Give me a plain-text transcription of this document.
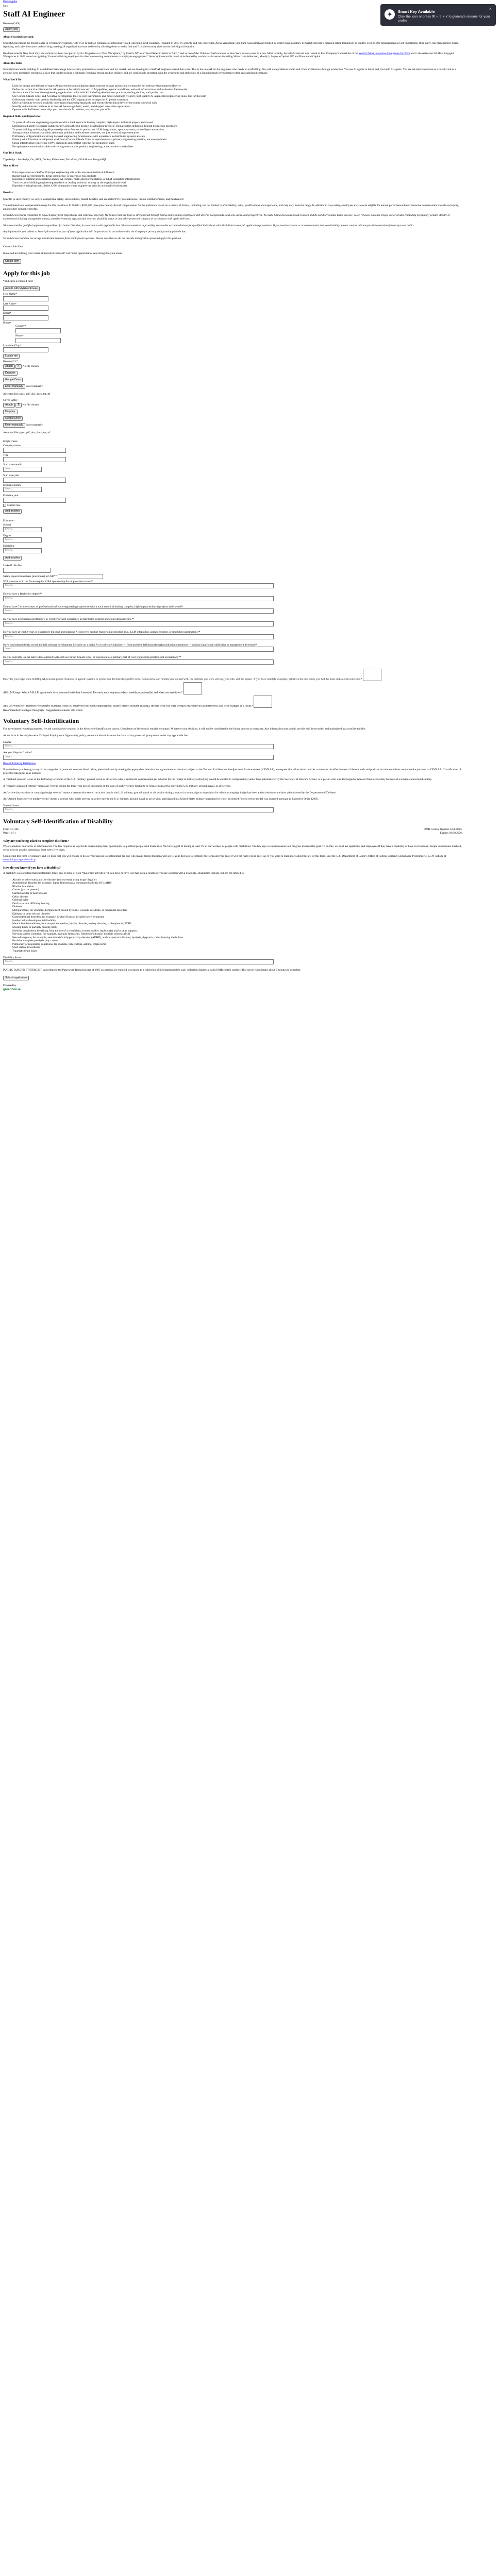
Back to jobs
New
Staff AI Engineer
Remote (CAN)
Apply Now

About SecurityScorecard:

SecurityScorecard is the global leader in cybersecurity ratings, with over 12 million companies continuously rated, operating in 64 countries. Founded in 2013 by security and risk experts Dr. Aleks Yampolskiy and Sam Kassoumeh and funded by world-class investors, SecurityScorecard’s patented rating technology is used by over 25,000 organizations for self-monitoring, third-party risk management, board reporting, and cyber insurance underwriting; making all organizations more resilient by allowing them to easily find and fix cybersecurity risks across their digital footprint.

Headquartered in New York City, our culture has been recognized by Inc Magazine as a “Best Workplace,” by Crain’s NY as a “Best Places to Work in NYC,” and as one of the 10 hottest SaaS startups in New York for two years in a row. Most recently, SecurityScorecard was named to Fast Company’s annual list of the World’s Most Innovative Companies for 2023 and to the Achievers 50 Most Engaged Workplaces in 2023 award recognizing “forward-thinking employers for their unwavering commitment to employee engagement.” SecurityScorecard is proud to be funded by world-class investors including Silver Lake Waterman, Moody’s, Sequoia Capital, GV and Riverwood Capital.

About the Role:

SecurityScorecard is building AI capabilities that change how security professionals understand and act on risk. We are looking for a Staff AI Engineer to lead that work. This is the core AI for the engineers who needs no scaffolding. You will own problems end to end, from architecture through production. You use AI agents to build, and you build AI agents. You see AI-native tools not as a novelty but as a genuine force multiplier, moving at a pace that used to require a full team. You have strong product instincts and are comfortable operating with the ownership and ambiguity of a founding team environment within an established company.

What You'll Do

• Lead the design and delivery of major AI-powered product initiatives from concept through production, owning the full software development lifecycle
• Define the technical architecture for AI systems at SecurityScorecard: LLM pipelines, agentic workflows, retrieval infrastructure, and evaluation frameworks
• Set the standard for how the engineering organization builds with AI, including development practices, tooling choices, and quality bars
• Use Cursor, Claude Code, and AI-native development tools as core instruments, and model what high-velocity, high-quality AI-augmented engineering looks like for the team
• Collaborate directly with product leadership and the CTO organization to shape the AI product roadmap
• Drive architecture reviews, establish cross-team engineering standards, and elevate the technical level of the teams you work with
• Identify and eliminate bottlenecks in how AI features get built, tested, and shipped across the organization
• Operate with Staff-level ownership: you own the whole problem, not just your part of it

Required Skills and Experience

• 7+ years of software engineering experience with a track record of leading complex, high-impact technical projects end-to-end
• Demonstrated ability to operate independently across the full product development lifecycle, from problem definition through production operations
• 7+ years building and shipping AI-powered product features in production: LLM integrations, agentic systems, or intelligent automation
• Strong product instincts: you think about user problems and business outcomes, not just technical implementation
• Proficiency in TypeScript and strong backend engineering fundamentals with experience in distributed systems at scale
• Fluency with AI-native development workflows (Cursor, Claude Code, or equivalent) as a primary engineering practice, not an experiment
• Cloud infrastructure experience (AWS preferred) and comfort with the full production stack
• Exceptional communication: able to drive alignment across product, engineering, and executive stakeholders

Our Tech Stack

TypeScript · JavaScript, Go, AWS, Docker, Kubernetes, Terraform, ClickHouse, PostgreSQL

Nice to Have

• Prior experience as a Staff or Principal engineering role with cross-team technical influence
• Background in cybersecurity, threat intelligence, or enterprise risk products
• Experience building and operating agentic AI systems, multi-agent orchestration, or LLM evaluation infrastructure
• Track record of defining engineering standards or leading technical strategy at the organizational level
• Experience in high-growth, Series C/D+ companies where engineering velocity and quality both matter

Benefits:

Specific to each country, we offer a competitive salary, stock options, Health benefits, and unlimited PTO, parental leave, tuition reimbursements, and much more!

The estimated total compensation range for this position is $170,000 - $200,000 (base plus bonus). Actual compensation for the position is based on a variety of factors, including, but not limited to affordability, skills, qualifications and experience, and may vary from the range. In addition to base salary, employees may also be eligible for annual performance-based incentive compensation awards and equity, among other company benefits.

SecurityScorecard is committed to Equal Employment Opportunity and embraces diversity. We believe that our team is strengthened through hiring and retaining employees with diverse backgrounds, skill sets, ideas, and perspectives. We make hiring decisions based on merit and do not discriminate based on race, color, religion, national origin, sex or gender (including pregnancy) gender identity or expression (including transgender status), sexual orientation, age, marital, veteran, disability status or any other protected category in accordance with applicable law.

We also consider qualified applicants regardless of criminal histories, in accordance with applicable law. We are committed to providing reasonable accommodations for qualified individuals with disabilities in our job application procedures. If you need assistance or accommodation due to a disability, please contact talentacquisitionoperations@securityscorecard.io.

Any information you submit to SecurityScorecard as part of your application will be processed in accordance with the Company’s privacy policy and applicable law.

SecurityScorecard does not accept unsolicited resumes from employment agencies. Please note that we do not provide immigration sponsorship for this position.

Create a Job Alert

Interested in building your career at SecurityScorecard? Get future opportunities sent straight to your email.

Create alert
Apply for this job
* indicates a required field
Autofill with MyGreenhouse
First Name*
Last Name*
Email*
Phone*
Country*
Phone*
Location (City)*
Locate me
Resume/CV*
Attach ⎘ No file chosen
Dropbox
Google Drive
Enter manually Enter manually
Accepted file types: pdf, doc, docx, txt, rtf
Cover Letter
Attach ⎘ No file chosen
Dropbox
Google Drive
Enter manually Enter manually
Accepted file types: pdf, doc, docx, txt, rtf
Employment
Company name
Title
Start date month
Select...
Start date year
End date month
Select...
End date year
Current role
Add another
Education
School
Select...
Degree
Select...
Discipline
Select...
Add another
LinkedIn Profile
Salary expectations (base plus bonus) in USD**
Will you now or in the future require VISA sponsorship for employment status?*
Select...
Do you have a Bachelor's degree?*
Select...
Do you have 7 or more years of professional software engineering experience with a track record of leading complex, high-impact technical projects end-to-end?*
Select...
Do you have professional proficiency in TypeScript with experience in distributed systems and cloud infrastructure?*
Select...
Do you have at least 2 years of experience building and shipping AI-powered product features in production (e.g., LLM integration, agentic systems, or intelligent automation)?*
Select...
Have you independently owned the full software development lifecycle on a major AI or software initiative — from problem definition through production operations — without significant scaffolding or management direction?*
Select...
Do you currently use AI-native development tools such as Cursor, Claude Code, or equivalent as a primary part of your engineering practice, not occasionally?*
Select...
Describe your experience building AI-powered product features or agentic systems in production. Include the specific tools, frameworks, and models you worked with, the problem you were solving, your role, and the impact. If you have multiple examples, prioritize the one where you had the most end-to-end ownership.*
AI/LLM Usage: Which AI/LLM agent tools have you used in the last 6 months? For each, note frequency (daily, weekly, occasionally) and what you used it for.*
AI/LLM Workflow: Describe two specific examples where AI improved your work output (speed, quality, clarity, decision-making). Include what you were trying to do, what you asked the tool, and what changed as a result.*
Recommended field type: Paragraph · Suggested maximum: 400 words
Voluntary Self-Identification

For government reporting purposes, we ask candidates to respond to the below self-identification survey. Completion of the form is entirely voluntary. Whatever your decision, it will not be considered in the hiring process or thereafter. Any information that you do provide will be recorded and maintained in a confidential file.

As set forth in SecurityScorecard’s Equal Employment Opportunity policy, we do not discriminate on the basis of any protected group status under any applicable law.

Gender
Select...
Are you Hispanic/Latino?
Select...
Race & Ethnicity Definitions

If you believe you belong to any of the categories of protected veterans listed below, please indicate by making the appropriate selection. As a government contractor subject to the Vietnam Era Veterans Readjustment Assistance Act (VEVRAA), we request this information in order to measure the effectiveness of the outreach and positive recruitment efforts we undertake pursuant to VEVRAA. Classification of protected categories is as follows:

A "disabled veteran" is one of the following: a veteran of the U.S. military, ground, naval or air service who is entitled to compensation (or who but for the receipt of military retired pay would be entitled to compensation) under laws administered by the Secretary of Veterans Affairs; or a person who was discharged or released from active duty because of a service-connected disability.

A "recently separated veteran" means any veteran during the three-year period beginning on the date of such veteran's discharge or release from active duty in the U.S. military, ground, naval, or air service.

An "active duty wartime or campaign badge veteran" means a veteran who served on active duty in the U.S. military, ground, naval or air service during a war, or in a campaign or expedition for which a campaign badge has been authorized under the laws administered by the Department of Defense.

An "Armed forces service medal veteran" means a veteran who, while serving on active duty in the U.S. military, ground, naval or air service, participated in a United States military operation for which an Armed Forces service medal was awarded pursuant to Executive Order 12985.

Veteran Status
Select...
Voluntary Self-Identification of Disability
Form CC-305
Page 1 of 1

OMB Control Number 1250-0005
Expires 04/30/2026
Why are you being asked to complete this form?

We are a federal contractor or subcontractor. The law requires us to provide equal employment opportunity to qualified people with disabilities. We have a goal of having at least 7% of our workers as people with disabilities. The law says we must measure our progress towards this goal. To do this, we must ask applicants and employees if they have a disability or have ever had one. People can become disabled, so we need to ask this question at least every five years.

Completing this form is voluntary, and we hope that you will choose to do so. Your answer is confidential. No one who makes hiring decisions will see it. Your decision to complete the form and your answer will not harm you in any way. If you want to learn more about the law or this form, visit the U.S. Department of Labor’s Office of Federal Contract Compliance Programs (OFCCP) website at www.dol.gov/agencies/ofccp.

How do you know if you have a disability?

A disability is a condition that substantially limits one or more of your “major life activities.” If you have or have ever had such a condition, you are a person with a disability. Disabilities include, but are not limited to:

• Alcohol or other substance use disorder (not currently using drugs illegally)
• Autoimmune disorder, for example, lupus, fibromyalgia, rheumatoid arthritis, HIV/AIDS
• Blind or low vision
• Cancer (past or present)
• Cardiovascular or heart disease
• Celiac disease
• Cerebral palsy
• Deaf or serious difficulty hearing
• Diabetes
• Disfigurement, for example, disfigurement caused by burns, wounds, accidents, or congenital disorders
• Epilepsy or other seizure disorder
• Gastrointestinal disorders, for example, Crohn's Disease, irritable bowel syndrome
• Intellectual or developmental disability
• Mental health conditions, for example, depression, bipolar disorder, anxiety disorder, schizophrenia, PTSD
• Missing limbs or partially missing limbs
• Mobility impairment, benefiting from the use of a wheelchair, scooter, walker, leg brace(s) and/or other supports
• Nervous system condition, for example, migraine headaches, Parkinson’s disease, multiple sclerosis (MS)
• Neurodivergence, for example, attention-deficit/hyperactivity disorder (ADHD), autism spectrum disorder, dyslexia, dyspraxia, other learning disabilities
• Partial or complete paralysis (any cause)
• Pulmonary or respiratory conditions, for example, tuberculosis, asthma, emphysema
• Short stature (dwarfism)
• Traumatic brain injury
Disability Status
Select...

PUBLIC BURDEN STATEMENT: According to the Paperwork Reduction Act of 1995 no persons are required to respond to a collection of information unless such collection displays a valid OMB control number. This survey should take about 5 minutes to complete.

Submit application
Powered by
greenhouse
✦	Smart Key Available
Click the icon or press ⌘ + ⇧ + Y to generate resume for your profile
×
